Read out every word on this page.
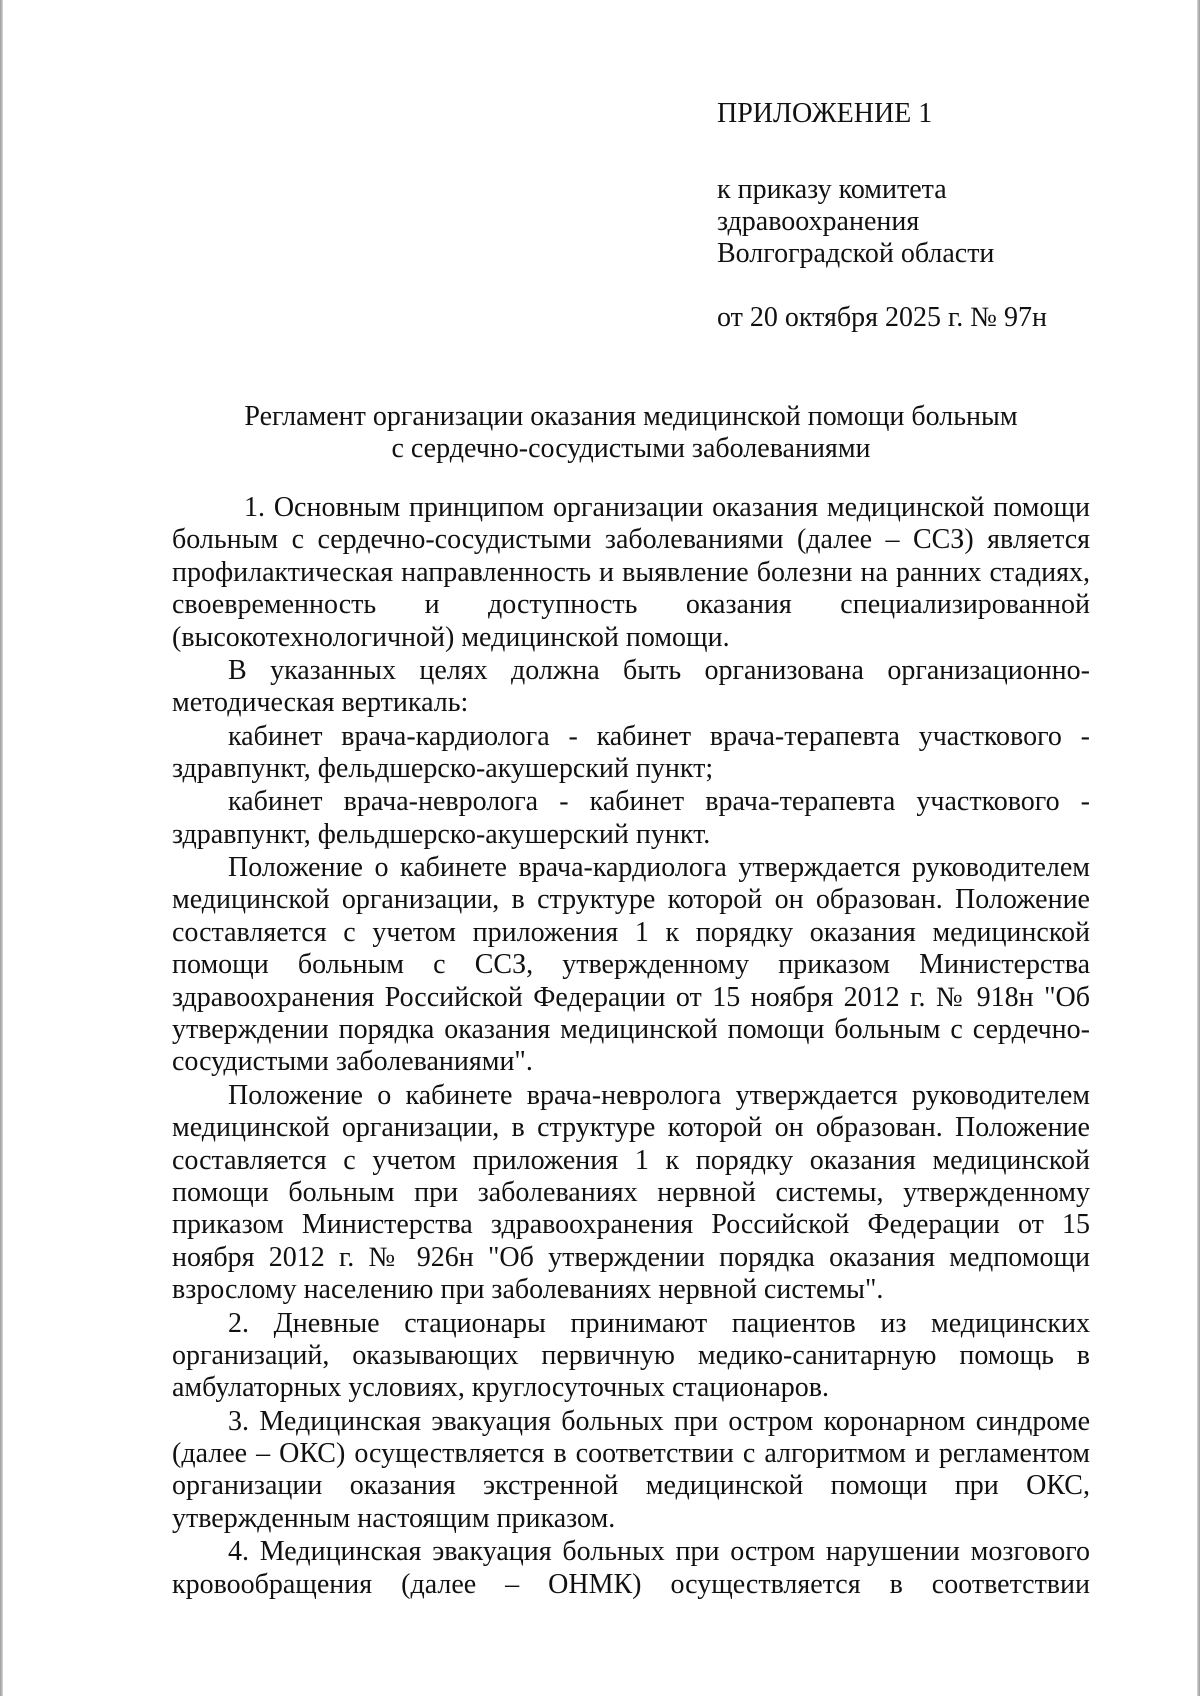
ПРИЛОЖЕНИЕ 1

к приказу комитета

здравоохранения

Волгоградской области

от 20 октября 2025 г. № 97н

Регламент организации оказания медицинской помощи больным

с сердечно-сосудистыми заболеваниями

1. Основным принципом организации оказания медицинской помощи больным с сердечно-сосудистыми заболеваниями (далее – ССЗ) является профилактическая направленность и выявление болезни на ранних стадиях, своевременность и доступность оказания специализированной (высокотехнологичной) медицинской помощи.

В указанных целях должна быть организована организационно-методическая вертикаль:

кабинет врача-кардиолога - кабинет врача-терапевта участкового - здравпункт, фельдшерско-акушерский пункт;

кабинет врача-невролога - кабинет врача-терапевта участкового - здравпункт, фельдшерско-акушерский пункт.

Положение о кабинете врача-кардиолога утверждается руководителем медицинской организации, в структуре которой он образован. Положение составляется с учетом приложения 1 к порядку оказания медицинской помощи больным с ССЗ, утвержденному приказом Министерства здравоохранения Российской Федерации от 15 ноября 2012 г. № 918н "Об утверждении порядка оказания медицинской помощи больным с сердечно-сосудистыми заболеваниями".

Положение о кабинете врача-невролога утверждается руководителем медицинской организации, в структуре которой он образован. Положение составляется с учетом приложения 1 к порядку оказания медицинской помощи больным при заболеваниях нервной системы, утвержденному приказом Министерства здравоохранения Российской Федерации от 15 ноября 2012 г. № 926н "Об утверждении порядка оказания медпомощи взрослому населению при заболеваниях нервной системы".

2. Дневные стационары принимают пациентов из медицинских организаций, оказывающих первичную медико-санитарную помощь в амбулаторных условиях, круглосуточных стационаров.

3. Медицинская эвакуация больных при остром коронарном синдроме (далее – ОКС) осуществляется в соответствии с алгоритмом и регламентом организации оказания экстренной медицинской помощи при ОКС, утвержденным настоящим приказом.

4. Медицинская эвакуация больных при остром нарушении мозгового кровообращения (далее – ОНМК) осуществляется в соответствии
